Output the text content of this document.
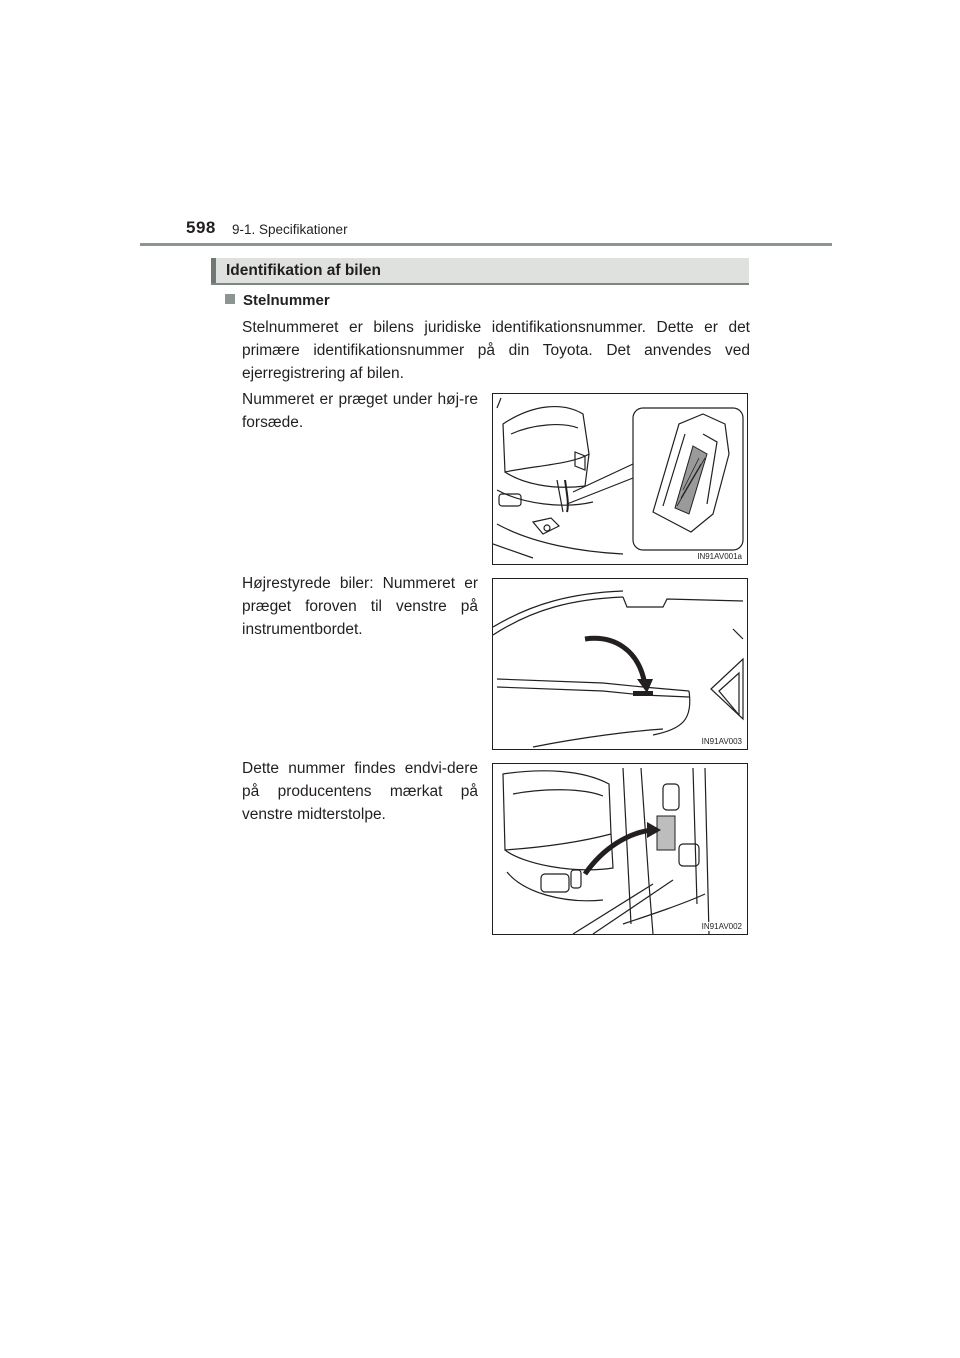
598 9-1. Specifikationer
Identifikation af bilen
Stelnummer
Stelnummeret er bilens juridiske identifikationsnummer. Dette er det primære identifikationsnummer på din Toyota. Det anvendes ved ejerregistrering af bilen.
Nummeret er præget under høj-re forsæde.
IN91AV001a
Højrestyrede biler: Nummeret er præget foroven til venstre på instrumentbordet.
IN91AV003
Dette nummer findes endvi-dere på producentens mærkat på venstre midterstolpe.
IN91AV002
